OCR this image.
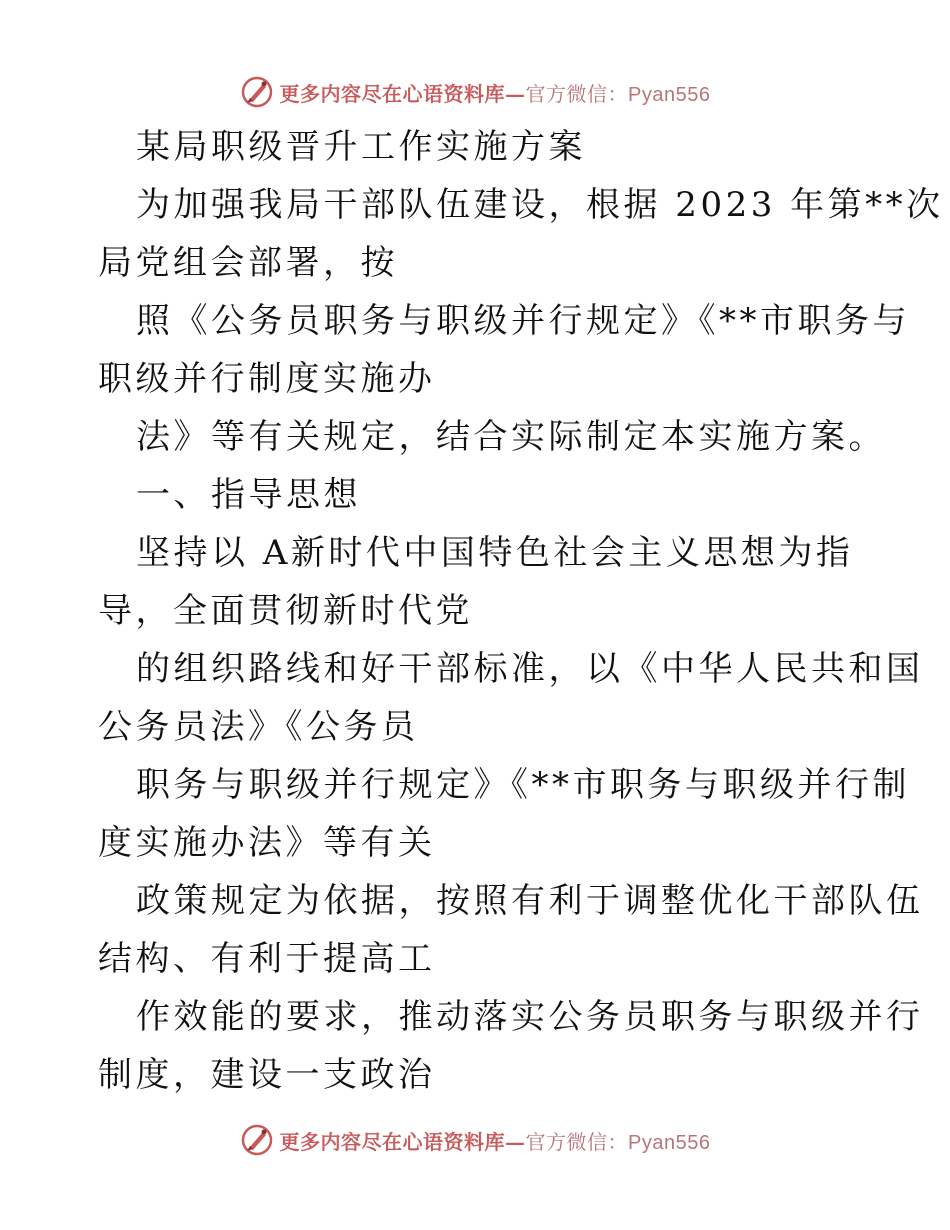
更多内容尽在心语资料库—官方微信：Pyan556
某局职级晋升工作实施方案
为加强我局干部队伍建设，根据 2023 年第**次
局党组会部署，按
照《公务员职务与职级并行规定》《**市职务与
职级并行制度实施办
法》等有关规定，结合实际制定本实施方案。
一、指导思想
坚持以 A新时代中国特色社会主义思想为指
导，全面贯彻新时代党
的组织路线和好干部标准，以《中华人民共和国
公务员法》《公务员
职务与职级并行规定》《**市职务与职级并行制
度实施办法》等有关
政策规定为依据，按照有利于调整优化干部队伍
结构、有利于提高工
作效能的要求，推动落实公务员职务与职级并行
制度，建设一支政治
更多内容尽在心语资料库—官方微信：Pyan556
